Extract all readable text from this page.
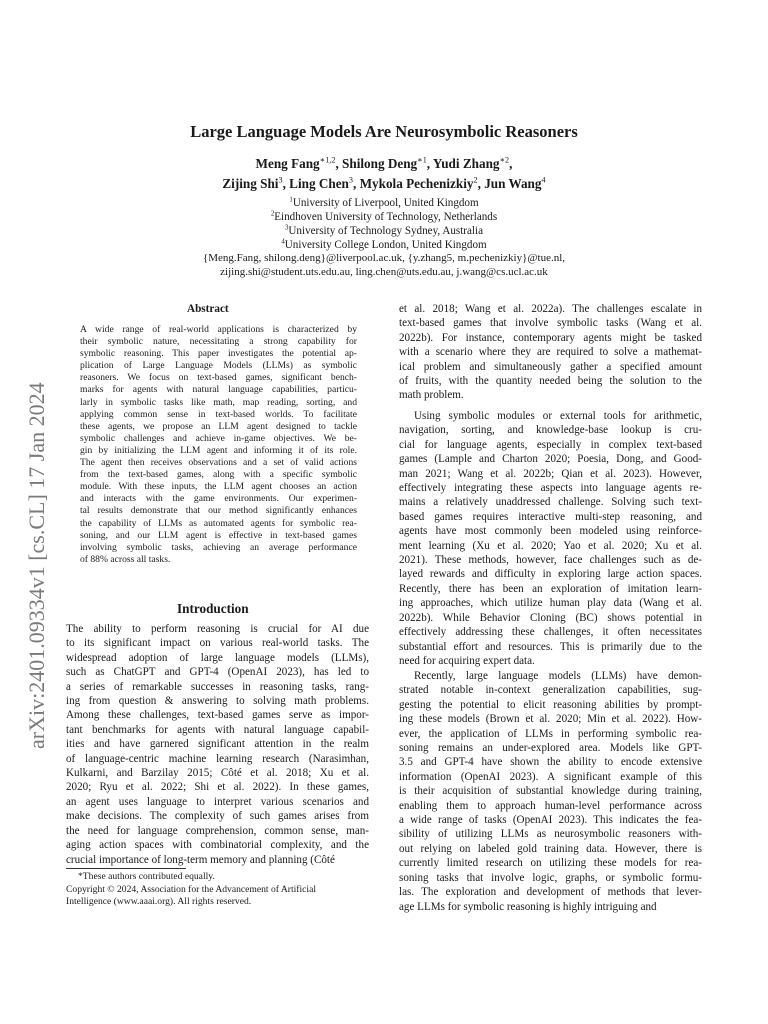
Large Language Models Are Neurosymbolic Reasoners
Meng Fang$^{∗1,2}$, Shilong Deng$^{∗1}$, Yudi Zhang$^{∗2}$,
Zijing Shi$^3$, Ling Chen$^3$, Mykola Pechenizkiy$^2$, Jun Wang$^4$
$^1$University of Liverpool, United Kingdom
$^2$Eindhoven University of Technology, Netherlands
$^3$University of Technology Sydney, Australia
$^4$University College London, United Kingdom
{Meng.Fang, shilong.deng}@liverpool.ac.uk, {y.zhang5, m.pechenizkiy}@tue.nl,
zijing.shi@student.uts.edu.au, ling.chen@uts.edu.au, j.wang@cs.ucl.ac.uk
arXiv:2401.09334v1 [cs.CL] 17 Jan 2024
Abstract
A wide range of real-world applications is characterized by
their symbolic nature, necessitating a strong capability for
symbolic reasoning. This paper investigates the potential ap-
plication of Large Language Models (LLMs) as symbolic
reasoners. We focus on text-based games, significant bench-
marks for agents with natural language capabilities, particu-
larly in symbolic tasks like math, map reading, sorting, and
applying common sense in text-based worlds. To facilitate
these agents, we propose an LLM agent designed to tackle
symbolic challenges and achieve in-game objectives. We be-
gin by initializing the LLM agent and informing it of its role.
The agent then receives observations and a set of valid actions
from the text-based games, along with a specific symbolic
module. With these inputs, the LLM agent chooses an action
and interacts with the game environments. Our experimen-
tal results demonstrate that our method significantly enhances
the capability of LLMs as automated agents for symbolic rea-
soning, and our LLM agent is effective in text-based games
involving symbolic tasks, achieving an average performance
of 88% across all tasks.
Introduction
The ability to perform reasoning is crucial for AI due
to its significant impact on various real-world tasks. The
widespread adoption of large language models (LLMs),
such as ChatGPT and GPT-4 (OpenAI 2023), has led to
a series of remarkable successes in reasoning tasks, rang-
ing from question & answering to solving math problems.
Among these challenges, text-based games serve as impor-
tant benchmarks for agents with natural language capabil-
ities and have garnered significant attention in the realm
of language-centric machine learning research (Narasimhan,
Kulkarni, and Barzilay 2015; Côté et al. 2018; Xu et al.
2020; Ryu et al. 2022; Shi et al. 2022). In these games,
an agent uses language to interpret various scenarios and
make decisions. The complexity of such games arises from
the need for language comprehension, common sense, man-
aging action spaces with combinatorial complexity, and the
crucial importance of long-term memory and planning (Côté
*These authors contributed equally.
Copyright © 2024, Association for the Advancement of Artificial
Intelligence (www.aaai.org). All rights reserved.
et al. 2018; Wang et al. 2022a). The challenges escalate in
text-based games that involve symbolic tasks (Wang et al.
2022b). For instance, contemporary agents might be tasked
with a scenario where they are required to solve a mathemat-
ical problem and simultaneously gather a specified amount
of fruits, with the quantity needed being the solution to the
math problem.
Using symbolic modules or external tools for arithmetic,
navigation, sorting, and knowledge-base lookup is cru-
cial for language agents, especially in complex text-based
games (Lample and Charton 2020; Poesia, Dong, and Good-
man 2021; Wang et al. 2022b; Qian et al. 2023). However,
effectively integrating these aspects into language agents re-
mains a relatively unaddressed challenge. Solving such text-
based games requires interactive multi-step reasoning, and
agents have most commonly been modeled using reinforce-
ment learning (Xu et al. 2020; Yao et al. 2020; Xu et al.
2021). These methods, however, face challenges such as de-
layed rewards and difficulty in exploring large action spaces.
Recently, there has been an exploration of imitation learn-
ing approaches, which utilize human play data (Wang et al.
2022b). While Behavior Cloning (BC) shows potential in
effectively addressing these challenges, it often necessitates
substantial effort and resources. This is primarily due to the
need for acquiring expert data.
Recently, large language models (LLMs) have demon-
strated notable in-context generalization capabilities, sug-
gesting the potential to elicit reasoning abilities by prompt-
ing these models (Brown et al. 2020; Min et al. 2022). How-
ever, the application of LLMs in performing symbolic rea-
soning remains an under-explored area. Models like GPT-
3.5 and GPT-4 have shown the ability to encode extensive
information (OpenAI 2023). A significant example of this
is their acquisition of substantial knowledge during training,
enabling them to approach human-level performance across
a wide range of tasks (OpenAI 2023). This indicates the fea-
sibility of utilizing LLMs as neurosymbolic reasoners with-
out relying on labeled gold training data. However, there is
currently limited research on utilizing these models for rea-
soning tasks that involve logic, graphs, or symbolic formu-
las. The exploration and development of methods that lever-
age LLMs for symbolic reasoning is highly intriguing and
